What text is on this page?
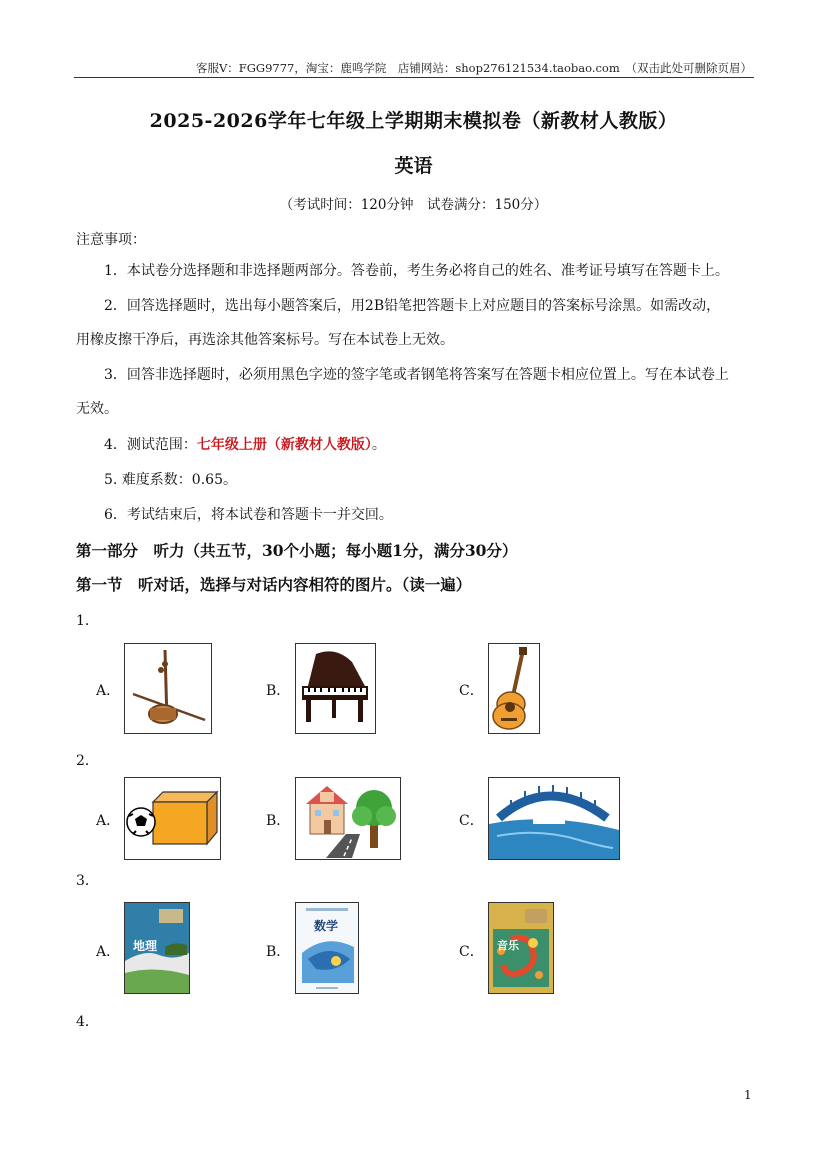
客服V：FGG9777，淘宝：鹿鸣学院　店铺网站：shop276121534.taobao.com　（双击此处可删除页眉）
2025-2026学年七年级上学期期末模拟卷（新教材人教版）
英语
（考试时间：120分钟　试卷满分：150分）
注意事项：
1．本试卷分选择题和非选择题两部分。答卷前，考生务必将自己的姓名、准考证号填写在答题卡上。
2．回答选择题时，选出每小题答案后，用2B铅笔把答题卡上对应题目的答案标号涂黑。如需改动，
用橡皮擦干净后，再选涂其他答案标号。写在本试卷上无效。
3．回答非选择题时，必须用黑色字迹的签字笔或者钢笔将答案写在答题卡相应位置上。写在本试卷上
无效。
4．测试范围：七年级上册（新教材人教版）。
5. 难度系数：0.65。
6．考试结束后，将本试卷和答题卡一并交回。
第一部分　听力（共五节，30个小题；每小题1分，满分30分）
第一节　听对话，选择与对话内容相符的图片。（读一遍）
1．
A．	B．	C．
2．
A．	B．	C．
3．
A． 地理	B．
数学
C． 音乐
4．
1
